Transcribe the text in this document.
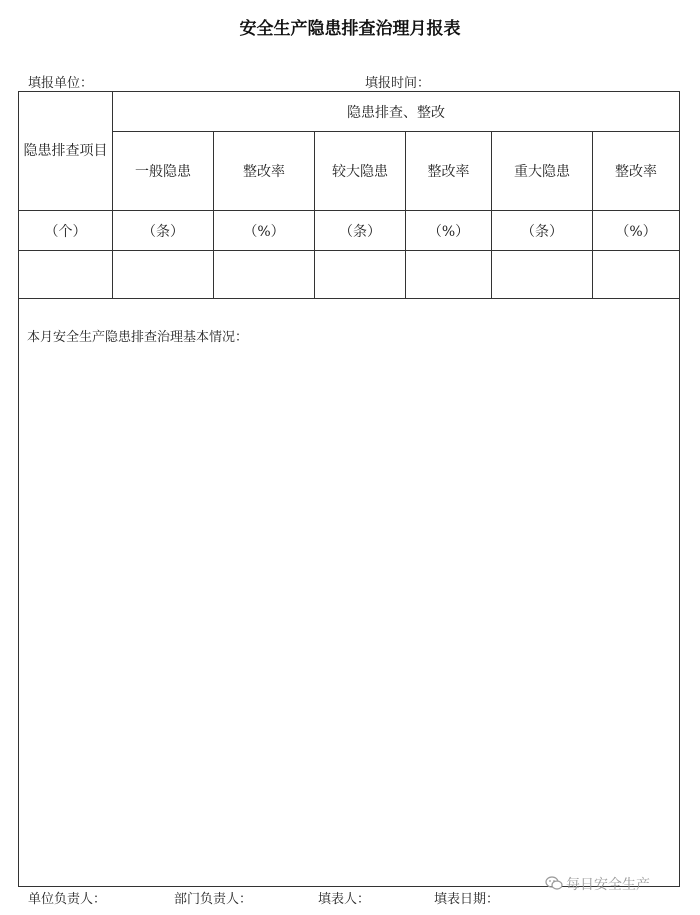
安全生产隐患排查治理月报表
填报单位：	填报时间：
隐患排查项目	隐患排查、整改					
	一般隐患	整改率	较大隐患	整改率	重大隐患	整改率
（个）	（条）	（%）	（条）	（%）	（条）	（%）

本月安全生产隐患排查治理基本情况：						
单位负责人：	部门负责人：	填表人：	填表日期：
每日安全生产
